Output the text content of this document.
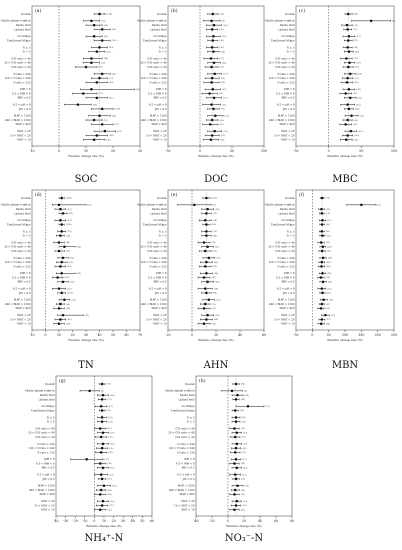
(a)
-10	0	10	20	30
Relative change rate (%)
Overall	(146)
Paddy-upland rotation	(13)
Paddy field	(34)
Upland field	(99)
No-tillage	(25)
Traditional tillage	(121)
N ≥ 5	(84)
N < 5	(62)
C/N ratio > 40	(28)
20 < C/N ratio < 40	(52)
C/N ratio < 20	(44)
N rate > 240	(41)
120 < N rate < 240	(57)
N rate < 120	(48)
MH > 8	(34)
6.5 < MH < 8	(71)
MH < 6.5	(41)
6.5 < pH < 8	(26)
pH < 6.5	(120)
MAP > 1200	(36)
400 < MAP < 1200	(75)
MAP < 400	(35)
MAT > 20	(33)
10 < MAT < 20	(68)
MAT < 10	(45)
SOC
(b)
-50	0	50	100
Relative change rate (%)
Overall	(58)
Paddy-upland rotation	(4)
Paddy field	(18)
Upland field	(36)
No-tillage	(12)
Traditional tillage	(46)
N ≥ 5	(32)
N < 5	(26)
C/N ratio > 40	(14)
20 < C/N ratio < 40	(22)
C/N ratio < 20	(22)
N rate > 240	(17)
120 < N rate < 240	(21)
N rate < 120	(20)
MH > 8	(15)
6.5 < MH < 8	(26)
MH < 6.5	(17)
6.5 < pH < 8	(11)
pH < 6.5	(47)
MAP > 1200	(14)
400 < MAP < 1200	(28)
MAP < 400	(16)
MAT > 20	(13)
10 < MAT < 20	(27)
MAT < 10	(18)
DOC
(c)
-50	0	50	100
Relative change rate (%)
Overall	(84)
Paddy-upland rotation	(4)
Paddy field	(21)
Upland field	(59)
No-tillage	(17)
Traditional tillage	(67)
N ≥ 5	(46)
N < 5	(38)
C/N ratio > 40	(19)
20 < C/N ratio < 40	(33)
C/N ratio < 20	(32)
N rate > 240	(24)
120 < N rate < 240	(31)
N rate < 120	(29)
MH > 8	(22)
6.5 < MH < 8	(37)
MH < 6.5	(25)
6.5 < pH < 8	(16)
pH < 6.5	(68)
MAP > 1200	(20)
400 < MAP < 1200	(41)
MAP < 400	(23)
MAT > 20	(19)
10 < MAT < 20	(39)
MAT < 10	(26)
MBC
(d)
-10	0	10	20	30	40	50	60	70
Relative change rate (%)
Overall	(128)
Paddy-upland rotation	(12)
Paddy field	(31)
Upland field	(85)
No-tillage	(22)
Traditional tillage	(106)
N ≥ 5	(72)
N < 5	(56)
C/N ratio > 40	(24)
20 < C/N ratio < 40	(46)
C/N ratio < 20	(39)
N rate > 240	(36)
120 < N rate < 240	(50)
N rate < 120	(42)
MH > 8	(30)
6.5 < MH < 8	(62)
MH < 6.5	(36)
6.5 < pH < 8	(23)
pH < 6.5	(105)
MAP > 1200	(32)
400 < MAP < 1200	(66)
MAP < 400	(30)
MAT > 20	(29)
10 < MAT < 20	(60)
MAT < 10	(39)
TN
(e)
-20	0	20	40	60
Relative change rate (%)
Overall	(102)
Paddy-upland rotation	(6)
Paddy field	(26)
Upland field	(70)
No-tillage	(18)
Traditional tillage	(84)
N ≥ 5	(56)
N < 5	(46)
C/N ratio > 40	(20)
20 < C/N ratio < 40	(37)
C/N ratio < 20	(31)
N rate > 240	(29)
120 < N rate < 240	(40)
N rate < 120	(33)
MH > 8	(24)
6.5 < MH < 8	(49)
MH < 6.5	(29)
6.5 < pH < 8	(18)
pH < 6.5	(84)
MAP > 1200	(25)
400 < MAP < 1200	(52)
MAP < 400	(25)
MAT > 20	(22)
10 < MAT < 20	(48)
MAT < 10	(32)
AHN
(f)
-50	0	50	100	150	200	250
Relative change rate (%)
Overall	(76)
Paddy-upland rotation	(4)
Paddy field	(19)
Upland field	(53)
No-tillage	(15)
Traditional tillage	(61)
N ≥ 5	(41)
N < 5	(35)
C/N ratio > 40	(17)
20 < C/N ratio < 40	(30)
C/N ratio < 20	(29)
N rate > 240	(22)
120 < N rate < 240	(28)
N rate < 120	(26)
MH > 8	(20)
6.5 < MH < 8	(34)
MH < 6.5	(22)
6.5 < pH < 8	(14)
pH < 6.5	(62)
MAP > 1200	(18)
400 < MAP < 1200	(37)
MAP < 400	(21)
MAT > 20	(17)
10 < MAT < 20	(35)
MAT < 10	(24)
MBN
(g)
-40 -30 -20 -10 0 10 20 30 40 50 60
Relative change rate (%)
Overall	(74)
Paddy-upland rotation	(5)
Paddy field	(18)
Upland field	(51)
No-tillage	(13)
Traditional tillage	(61)
N ≥ 5	(41)
N < 5	(33)
C/N ratio > 40	(15)
20 < C/N ratio < 40	(27)
C/N ratio < 20	(23)
N rate > 240	(21)
120 < N rate < 240	(29)
N rate < 120	(24)
MH > 8	(17)
6.5 < MH < 8	(36)
MH < 6.5	(21)
6.5 < pH < 8	(13)
pH < 6.5	(61)
MAP > 1200	(18)
400 < MAP < 1200	(38)
MAP < 400	(18)
MAT > 20	(16)
10 < MAT < 20	(35)
MAT < 10	(23)
NH₄⁺-N
(h)
-40	-20	0	20	40	60	80
Relative change rate (%)
Overall	(66)
Paddy-upland rotation	(4)
Paddy field	(16)
Upland field	(46)
No-tillage	(12)
Traditional tillage	(54)
N ≥ 5	(36)
N < 5	(30)
C/N ratio > 40	(13)
20 < C/N ratio < 40	(24)
C/N ratio < 20	(21)
N rate > 240	(19)
120 < N rate < 240	(26)
N rate < 120	(21)
MH > 8	(15)
6.5 < MH < 8	(32)
MH < 6.5	(19)
6.5 < pH < 8	(12)
pH < 6.5	(54)
MAP > 1200	(16)
400 < MAP < 1200	(34)
MAP < 400	(16)
MAT > 20	(14)
10 < MAT < 20	(31)
MAT < 10	(21)
NO₃⁻-N
